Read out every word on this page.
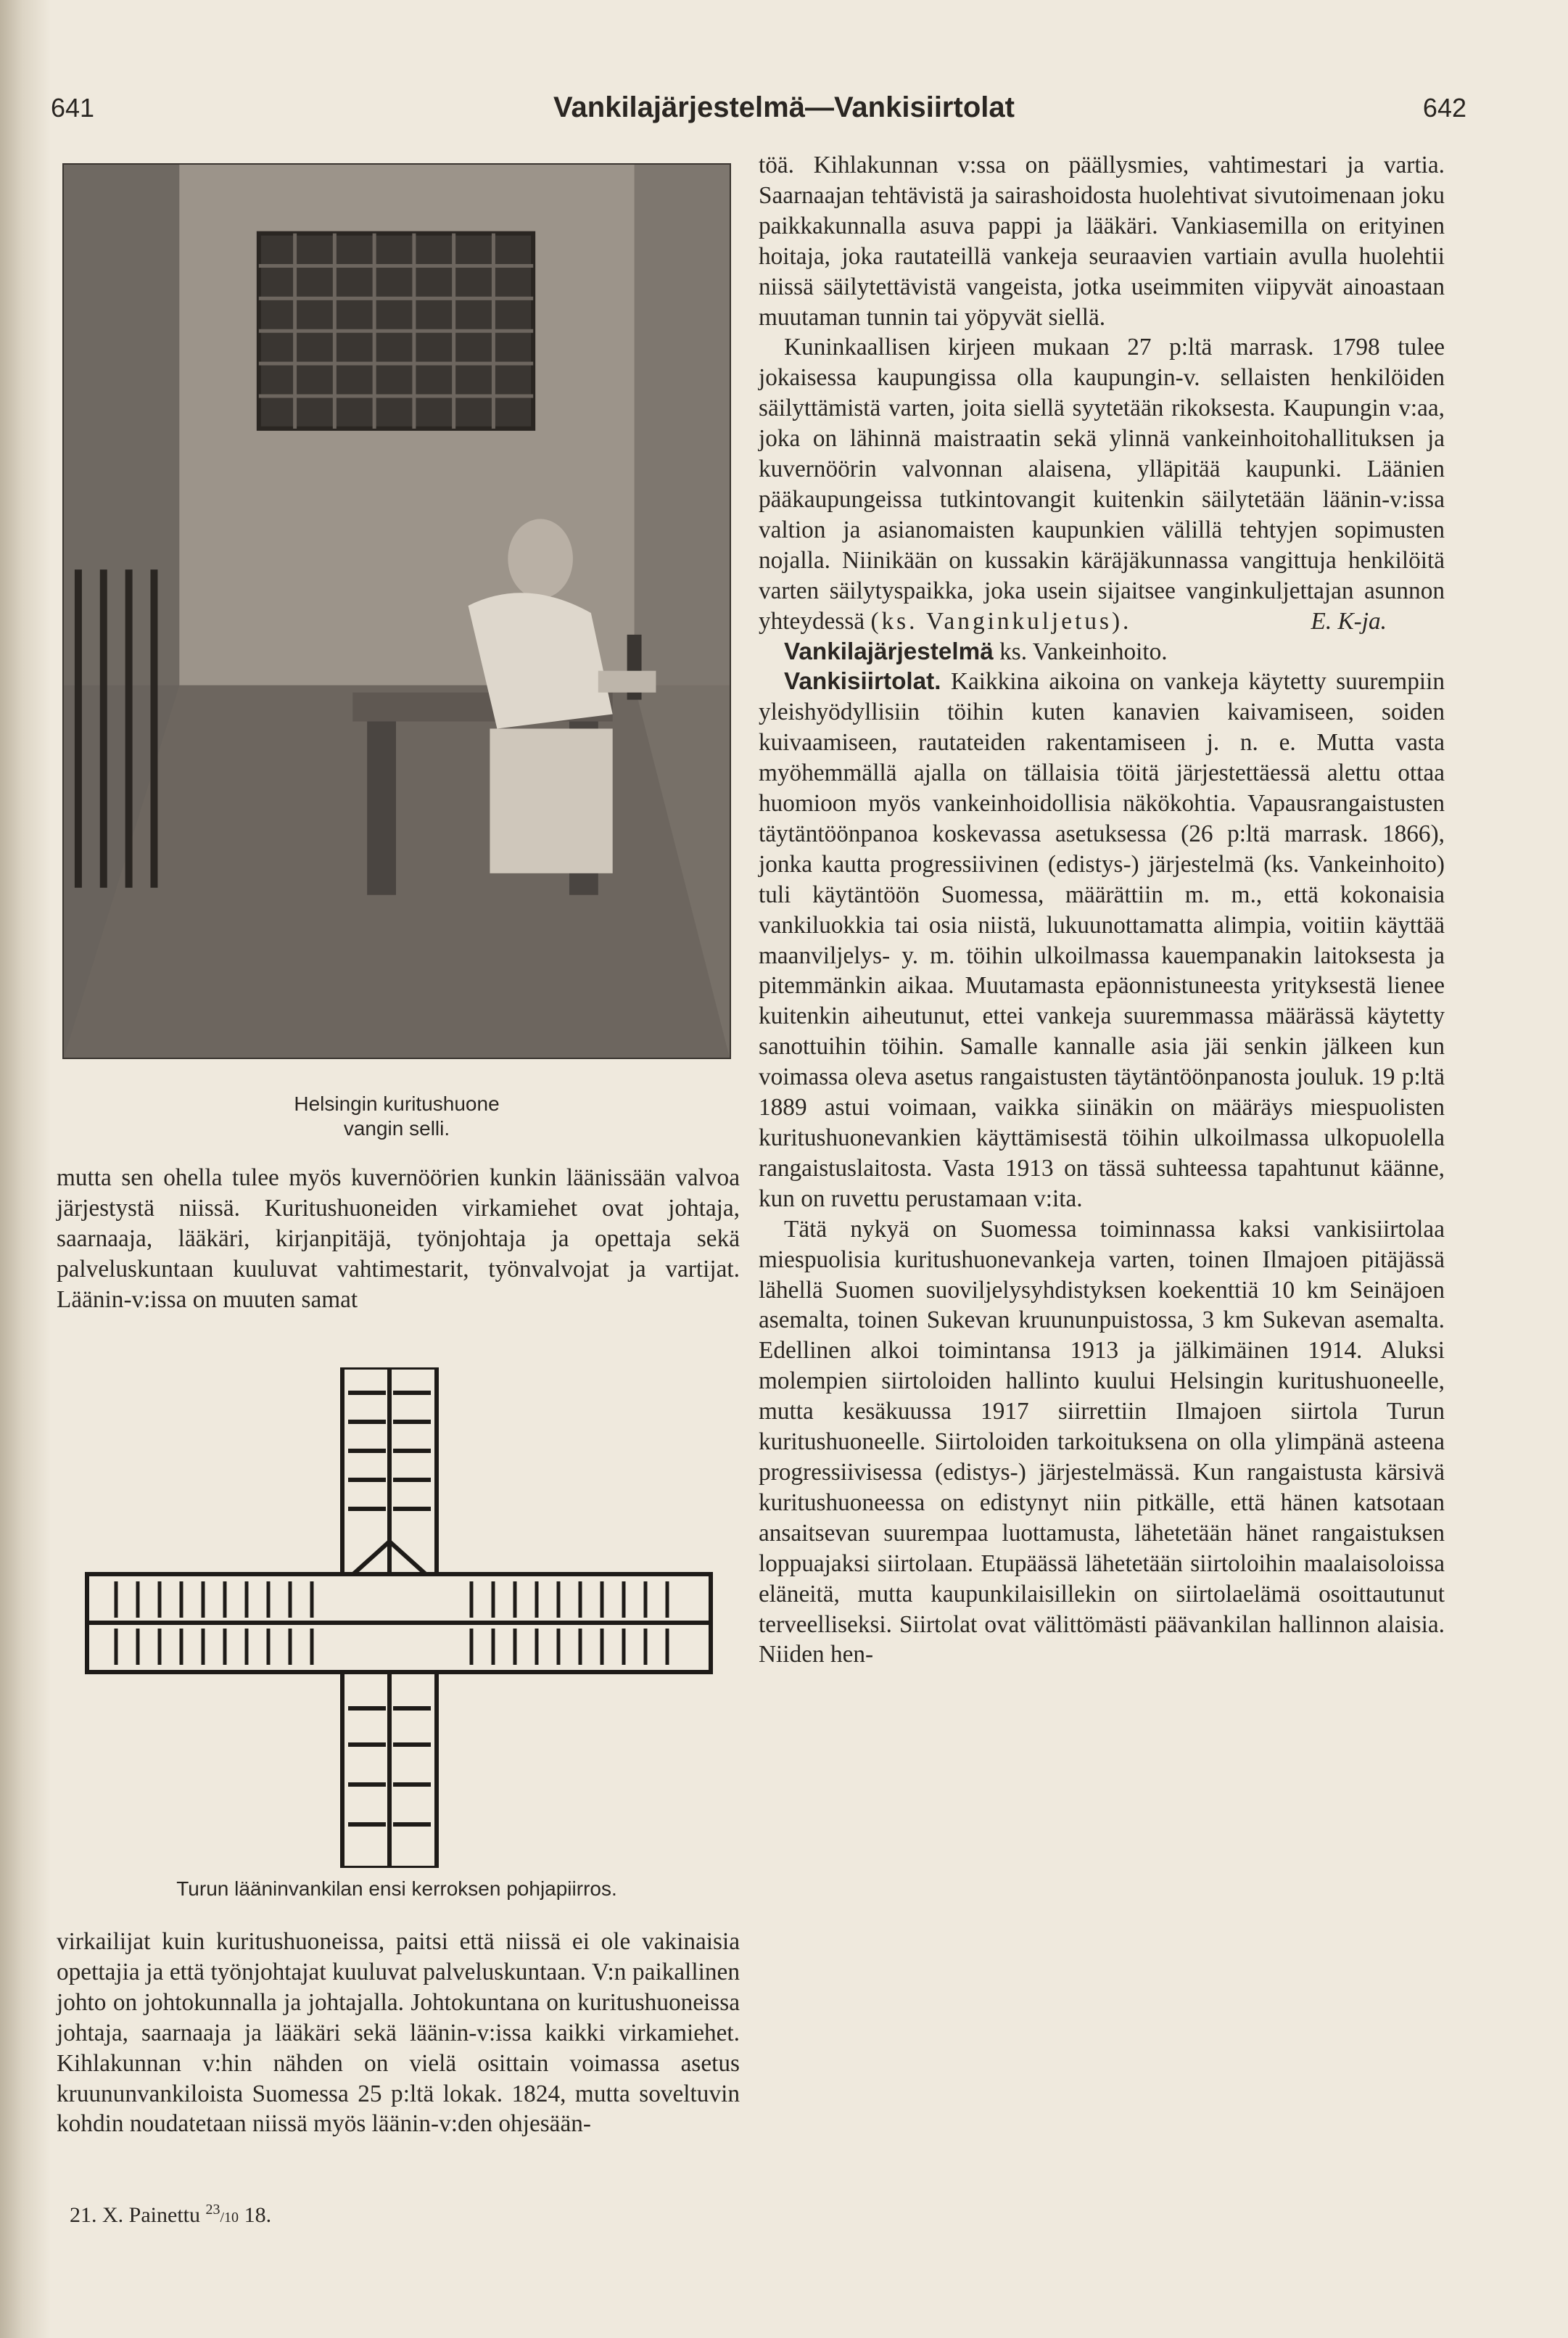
641	Vankilajärjestelmä—Vankisiirtolat	642
Helsingin kuritushuone
vangin selli.

mutta sen ohella tulee myös kuvernöörien kunkin läänissään valvoa järjestystä niissä. Kuritushuoneiden virkamiehet ovat johtaja, saarnaaja, lääkäri, kirjanpitäjä, työnjohtaja ja opettaja sekä palveluskuntaan kuuluvat vahtimestarit, työnvalvojat ja vartijat. Läänin-v:issa on muuten samat

Turun lääninvankilan ensi kerroksen pohjapiirros.

virkailijat kuin kuritushuoneissa, paitsi että niissä ei ole vakinaisia opettajia ja että työnjohtajat kuuluvat palveluskuntaan. V:n paikallinen johto on johtokunnalla ja johtajalla. Johtokuntana on kuritushuoneissa johtaja, saarnaaja ja lääkäri sekä läänin-v:issa kaikki virkamiehet. Kihlakunnan v:hin nähden on vielä osittain voimassa asetus kruununvankiloista Suomessa 25 p:ltä lokak. 1824, mutta soveltuvin kohdin noudatetaan niissä myös läänin-v:den ohjesään-

töä. Kihlakunnan v:ssa on päällysmies, vahtimestari ja vartia. Saarnaajan tehtävistä ja sairashoidosta huolehtivat sivutoimenaan joku paikkakunnalla asuva pappi ja lääkäri. Vankiasemilla on erityinen hoitaja, joka rautateillä vankeja seuraavien vartiain avulla huolehtii niissä säilytettävistä vangeista, jotka useimmiten viipyvät ainoastaan muutaman tunnin tai yöpyvät siellä.

Kuninkaallisen kirjeen mukaan 27 p:ltä marrask. 1798 tulee jokaisessa kaupungissa olla kaupungin-v. sellaisten henkilöiden säilyttämistä varten, joita siellä syytetään rikoksesta. Kaupungin v:aa, joka on lähinnä maistraatin sekä ylinnä vankeinhoitohallituksen ja kuvernöörin valvonnan alaisena, ylläpitää kaupunki. Läänien pääkaupungeissa tutkintovangit kuitenkin säilytetään läänin-v:issa valtion ja asianomaisten kaupunkien välillä tehtyjen sopimusten nojalla. Niinikään on kussakin käräjäkunnassa vangittuja henkilöitä varten säilytyspaikka, joka usein sijaitsee vanginkuljettajan asunnon yhteydessä (ks. Vanginkuljetus).	E. K-ja.

Vankilajärjestelmä ks. Vankeinhoito.

Vankisiirtolat. Kaikkina aikoina on vankeja käytetty suurempiin yleishyödyllisiin töihin kuten kanavien kaivamiseen, soiden kuivaamiseen, rautateiden rakentamiseen j. n. e. Mutta vasta myöhemmällä ajalla on tällaisia töitä järjestettäessä alettu ottaa huomioon myös vankeinhoidollisia näkökohtia. Vapausrangaistusten täytäntöönpanoa koskevassa asetuksessa (26 p:ltä marrask. 1866), jonka kautta progressiivinen (edistys-) järjestelmä (ks. Vankeinhoito) tuli käytäntöön Suomessa, määrättiin m. m., että kokonaisia vankiluokkia tai osia niistä, lukuunottamatta alimpia, voitiin käyttää maanviljelys- y. m. töihin ulkoilmassa kauempanakin laitoksesta ja pitemmänkin aikaa. Muutamasta epäonnistuneesta yrityksestä lienee kuitenkin aiheutunut, ettei vankeja suuremmassa määrässä käytetty sanottuihin töihin. Samalle kannalle asia jäi senkin jälkeen kun voimassa oleva asetus rangaistusten täytäntöönpanosta jouluk. 19 p:ltä 1889 astui voimaan, vaikka siinäkin on määräys miespuolisten kuritushuonevankien käyttämisestä töihin ulkoilmassa ulkopuolella rangaistuslaitosta. Vasta 1913 on tässä suhteessa tapahtunut käänne, kun on ruvettu perustamaan v:ita.

Tätä nykyä on Suomessa toiminnassa kaksi vankisiirtolaa miespuolisia kuritushuonevankeja varten, toinen Ilmajoen pitäjässä lähellä Suomen suoviljelysyhdistyksen koekenttiä 10 km Seinäjoen asemalta, toinen Sukevan kruununpuistossa, 3 km Sukevan asemalta. Edellinen alkoi toimintansa 1913 ja jälkimäinen 1914. Aluksi molempien siirtoloiden hallinto kuului Helsingin kuritushuoneelle, mutta kesäkuussa 1917 siirrettiin Ilmajoen siirtola Turun kuritushuoneelle. Siirtoloiden tarkoituksena on olla ylimpänä asteena progressiivisessa (edistys-) järjestelmässä. Kun rangaistusta kärsivä kuritushuoneessa on edistynyt niin pitkälle, että hänen katsotaan ansaitsevan suurempaa luottamusta, lähetetään hänet rangaistuksen loppuajaksi siirtolaan. Etupäässä lähetetään siirtoloihin maalaisoloissa eläneitä, mutta kaupunkilaisillekin on siirtolaelämä osoittautunut terveelliseksi. Siirtolat ovat välittömästi päävankilan hallinnon alaisia. Niiden hen-

21. X. Painettu $^{23}$/10 18.
